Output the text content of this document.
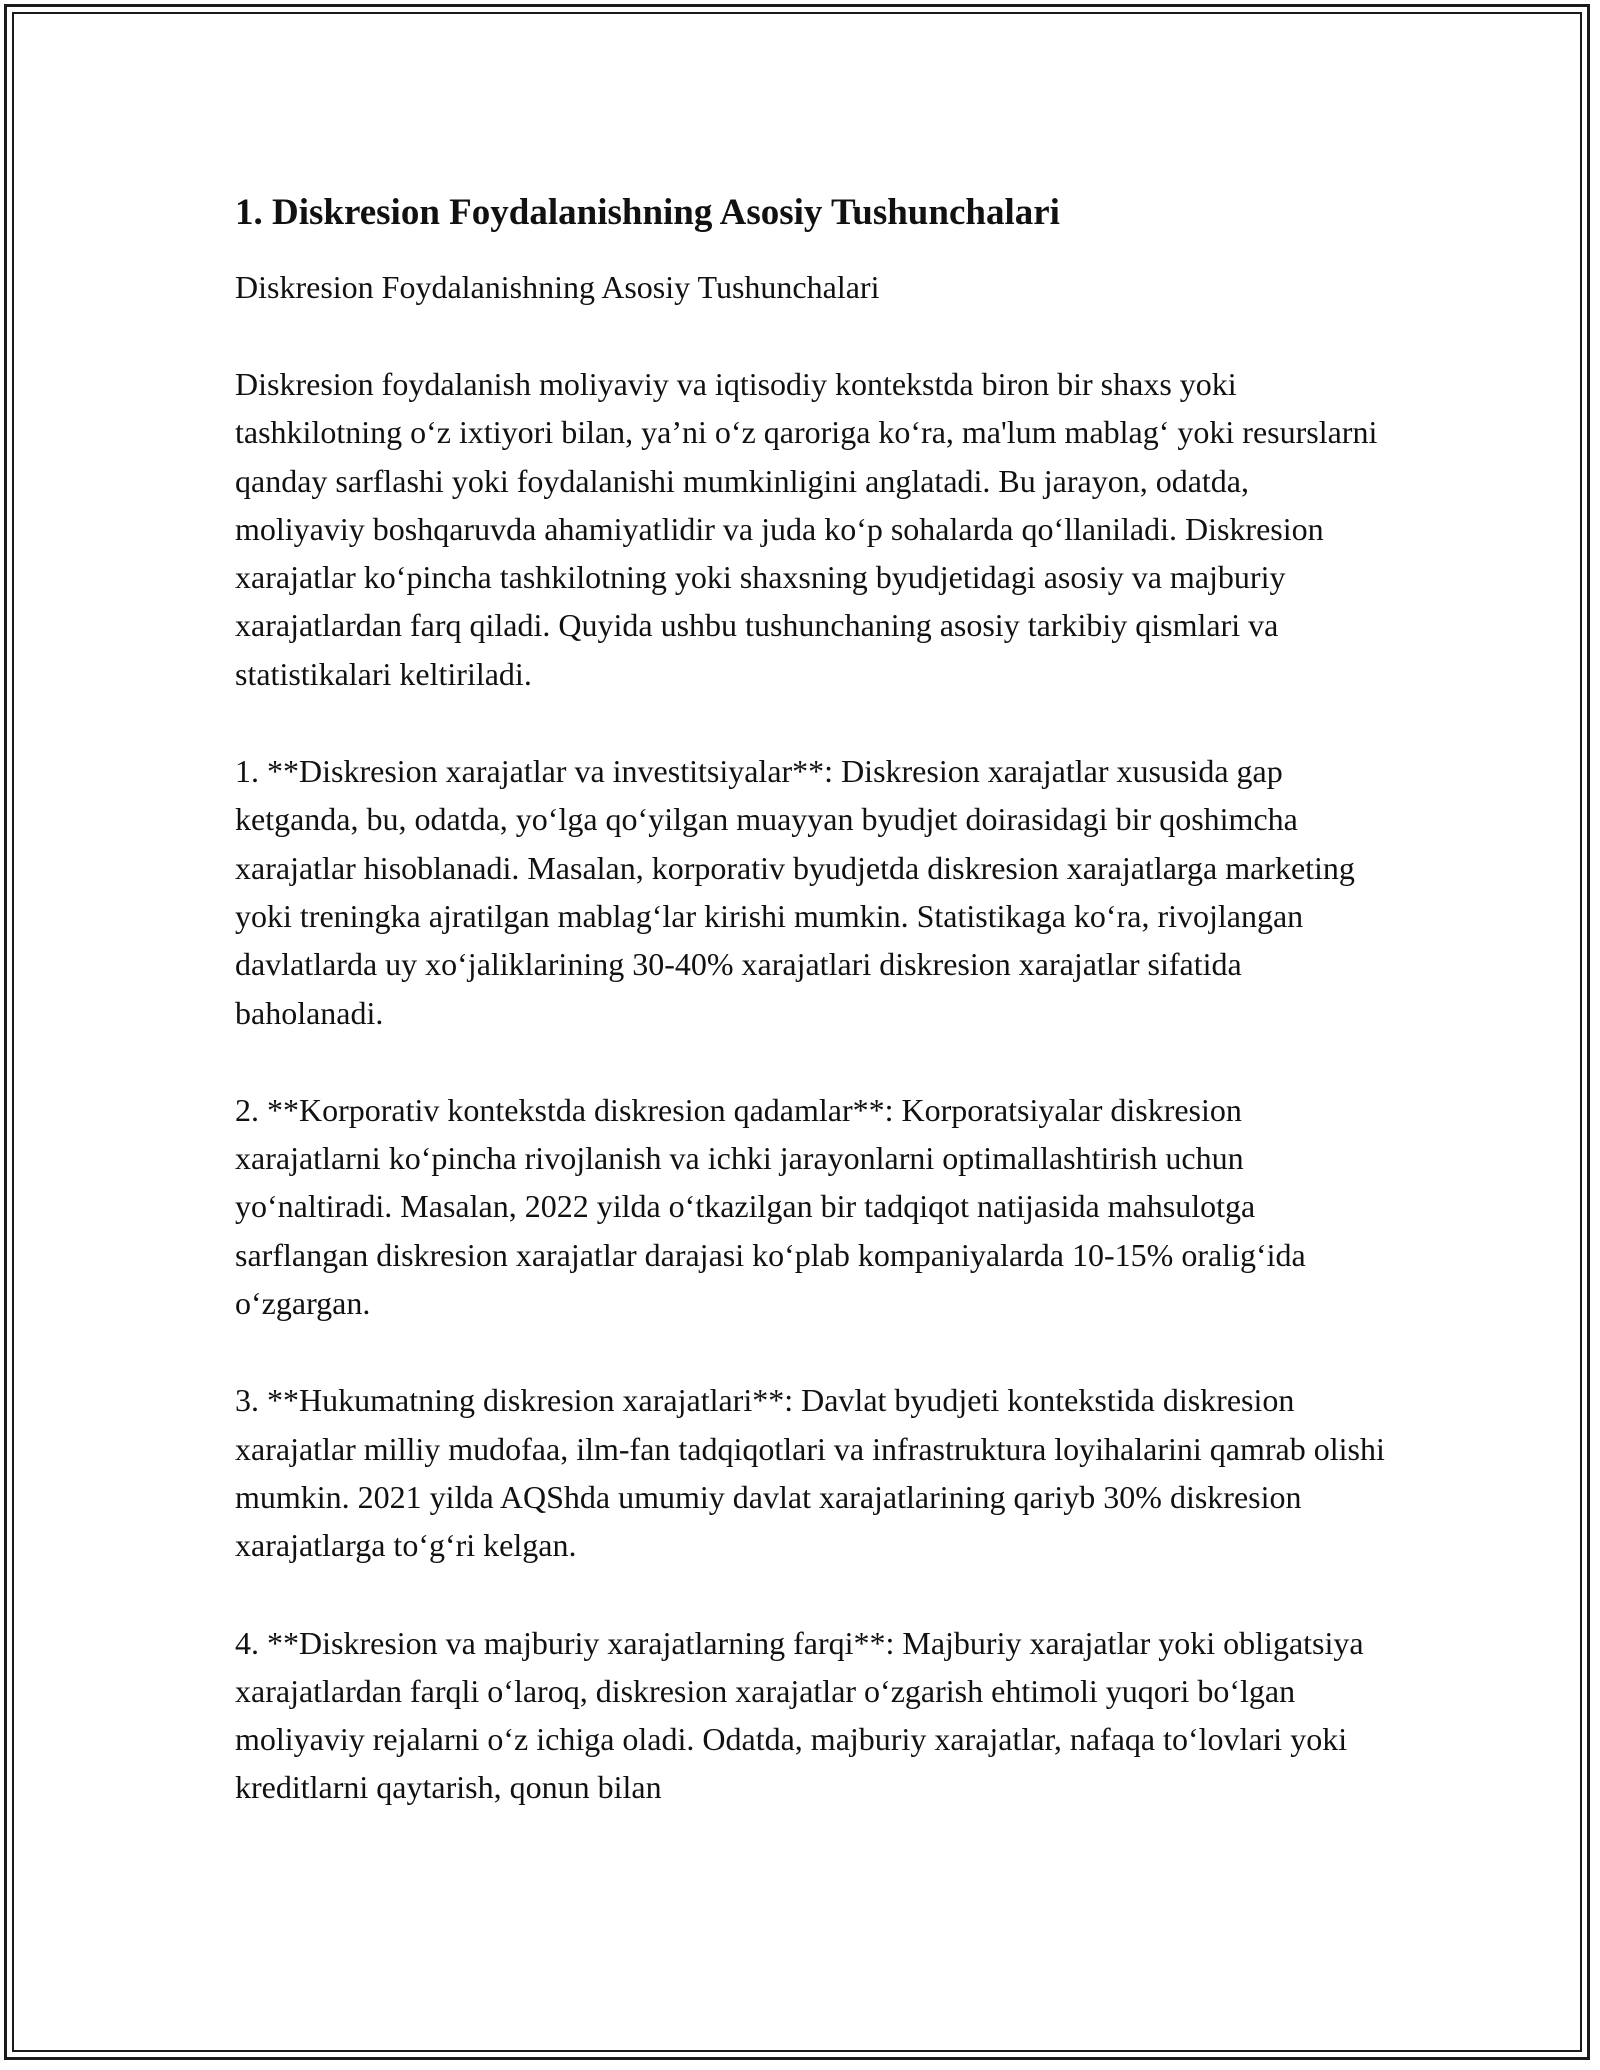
1. Diskresion Foydalanishning Asosiy Tushunchalari
Diskresion Foydalanishning Asosiy Tushunchalari

Diskresion foydalanish moliyaviy va iqtisodiy kontekstda biron bir shaxs yoki tashkilotning o‘z ixtiyori bilan, ya’ni o‘z qaroriga ko‘ra, ma'lum mablag‘ yoki resurslarni qanday sarflashi yoki foydalanishi mumkinligini anglatadi. Bu jarayon, odatda, moliyaviy boshqaruvda ahamiyatlidir va juda ko‘p sohalarda qo‘llaniladi. Diskresion xarajatlar ko‘pincha tashkilotning yoki shaxsning byudjetidagi asosiy va majburiy xarajatlardan farq qiladi. Quyida ushbu tushunchaning asosiy tarkibiy qismlari va statistikalari keltiriladi.

1. **Diskresion xarajatlar va investitsiyalar**: Diskresion xarajatlar xususida gap ketganda, bu, odatda, yo‘lga qo‘yilgan muayyan byudjet doirasidagi bir qoshimcha xarajatlar hisoblanadi. Masalan, korporativ byudjetda diskresion xarajatlarga marketing yoki treningka ajratilgan mablag‘lar kirishi mumkin. Statistikaga ko‘ra, rivojlangan davlatlarda uy xo‘jaliklarining 30-40% xarajatlari diskresion xarajatlar sifatida baholanadi.

2. **Korporativ kontekstda diskresion qadamlar**: Korporatsiyalar diskresion xarajatlarni ko‘pincha rivojlanish va ichki jarayonlarni optimallashtirish uchun yo‘naltiradi. Masalan, 2022 yilda o‘tkazilgan bir tadqiqot natijasida mahsulotga sarflangan diskresion xarajatlar darajasi ko‘plab kompaniyalarda 10-15% oralig‘ida o‘zgargan.

3. **Hukumatning diskresion xarajatlari**: Davlat byudjeti kontekstida diskresion xarajatlar milliy mudofaa, ilm-fan tadqiqotlari va infrastruktura loyihalarini qamrab olishi mumkin. 2021 yilda AQShda umumiy davlat xarajatlarining qariyb 30% diskresion xarajatlarga to‘g‘ri kelgan.

4. **Diskresion va majburiy xarajatlarning farqi**: Majburiy xarajatlar yoki obligatsiya xarajatlardan farqli o‘laroq, diskresion xarajatlar o‘zgarish ehtimoli yuqori bo‘lgan moliyaviy rejalarni o‘z ichiga oladi. Odatda, majburiy xarajatlar, nafaqa to‘lovlari yoki kreditlarni qaytarish, qonun bilan
